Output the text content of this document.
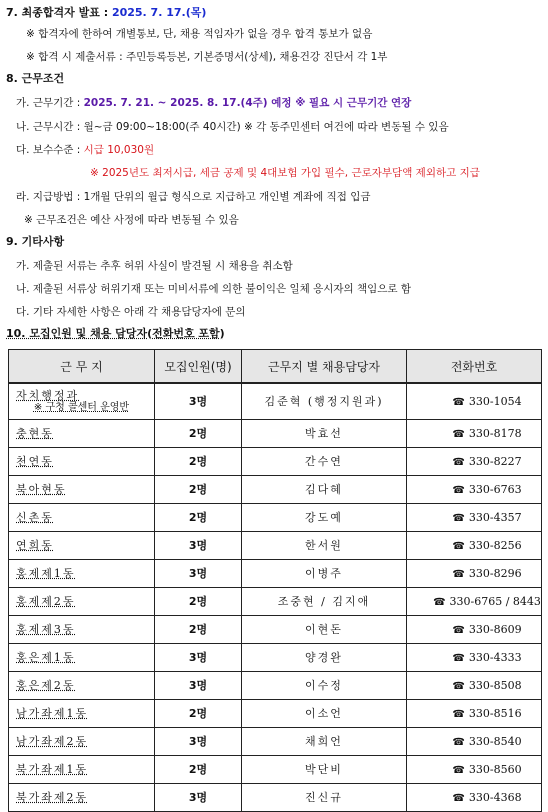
7. 최종합격자 발표 : 2025. 7. 17.(목)
※ 합격자에 한하여 개별통보, 단, 채용 적임자가 없을 경우 합격 통보가 없음
※ 합격 시 제출서류 : 주민등록등본, 기본증명서(상세), 채용건강 진단서 각 1부
8. 근무조건
가. 근무기간 : 2025. 7. 21. ~ 2025. 8. 17.(4주) 예정 ※ 필요 시 근무기간 연장
나. 근무시간 : 월~금 09:00~18:00(주 40시간) ※ 각 동주민센터 여건에 따라 변동될 수 있음
다. 보수수준 : 시급 10,030원
※ 2025년도 최저시급, 세금 공제 및 4대보험 가입 필수, 근로자부담액 제외하고 지급
라. 지급방법 : 1개월 단위의 월급 형식으로 지급하고 개인별 계좌에 직접 입금
※ 근무조건은 예산 사정에 따라 변동될 수 있음
9. 기타사항
가. 제출된 서류는 추후 허위 사실이 발견될 시 채용을 취소함
나. 제출된 서류상 허위기재 또는 미비서류에 의한 불이익은 일체 응시자의 책임으로 함
다. 기타 자세한 사항은 아래 각 채용담당자에 문의
10. 모집인원 및 채용 담당자(전화번호 포함)
근 무 지	모집인원(명)	근무지 별 채용담당자	전화번호

자치행정과
※ 구청 콜센터 운영반	3명	김준혁 (행정지원과)	☎ 330-1054
충현동	2명	박효선	☎ 330-8178
천연동	2명	간수연	☎ 330-8227
북아현동	2명	김다혜	☎ 330-6763
신촌동	2명	강도예	☎ 330-4357
연희동	3명	한서원	☎ 330-8256
홍제제1동	3명	이병주	☎ 330-8296
홍제제2동	2명	조중현 / 김지애	☎ 330-6765 / 8443
홍제제3동	2명	이현돈	☎ 330-8609
홍은제1동	3명	양경완	☎ 330-4333
홍은제2동	3명	이수정	☎ 330-8508
남가좌제1동	2명	이소언	☎ 330-8516
남가좌제2동	3명	채희언	☎ 330-8540
북가좌제1동	2명	박단비	☎ 330-8560
북가좌제2동	3명	진신규	☎ 330-4368
